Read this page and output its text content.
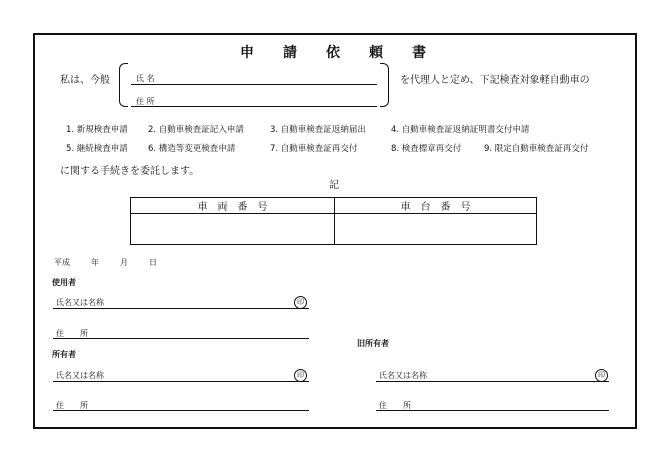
申 請 依 頼 書
私は、今般	氏 名
住 所
を代理人と定め、下記検査対象軽自動車の
1. 新規検査申請 2. 自動車検査証記入申請	3. 自動車検査証返納届出	4. 自動車検査証返納証明書交付申請
5. 継続検査申請 6. 構造等変更検査申請	7. 自動車検査証再交付	8. 検査標章再交付	9. 限定自動車検査証再交付
に関する手続きを委託します。
記
車　両　番　号	車　台　番　号

平成	年	月	日
使用者
氏名又は名称	印
住　　所
所有者
氏名又は名称	印
住　　所
旧所有者
氏名又は名称	印
住　　所
